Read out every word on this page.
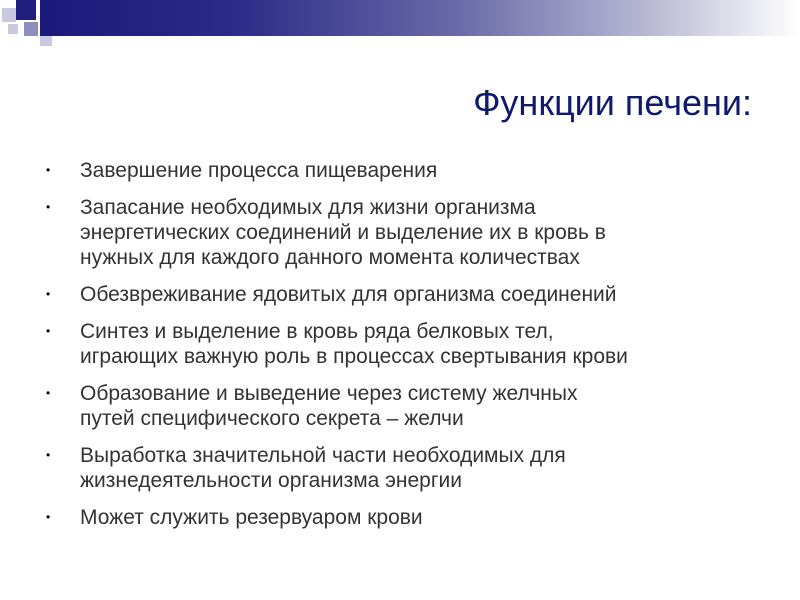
Функции печени:
•	Завершение процесса пищеварения
•	Запасание необходимых для жизни организма
энергетических соединений и выделение их в кровь в
нужных для каждого данного момента количествах
•	Обезвреживание ядовитых для организма соединений
•	Синтез и выделение в кровь ряда белковых тел,
играющих важную роль в процессах свертывания крови
•	Образование и выведение через систему желчных
путей специфического секрета – желчи
•	Выработка значительной части необходимых для
жизнедеятельности организма энергии
•	Может служить резервуаром крови
